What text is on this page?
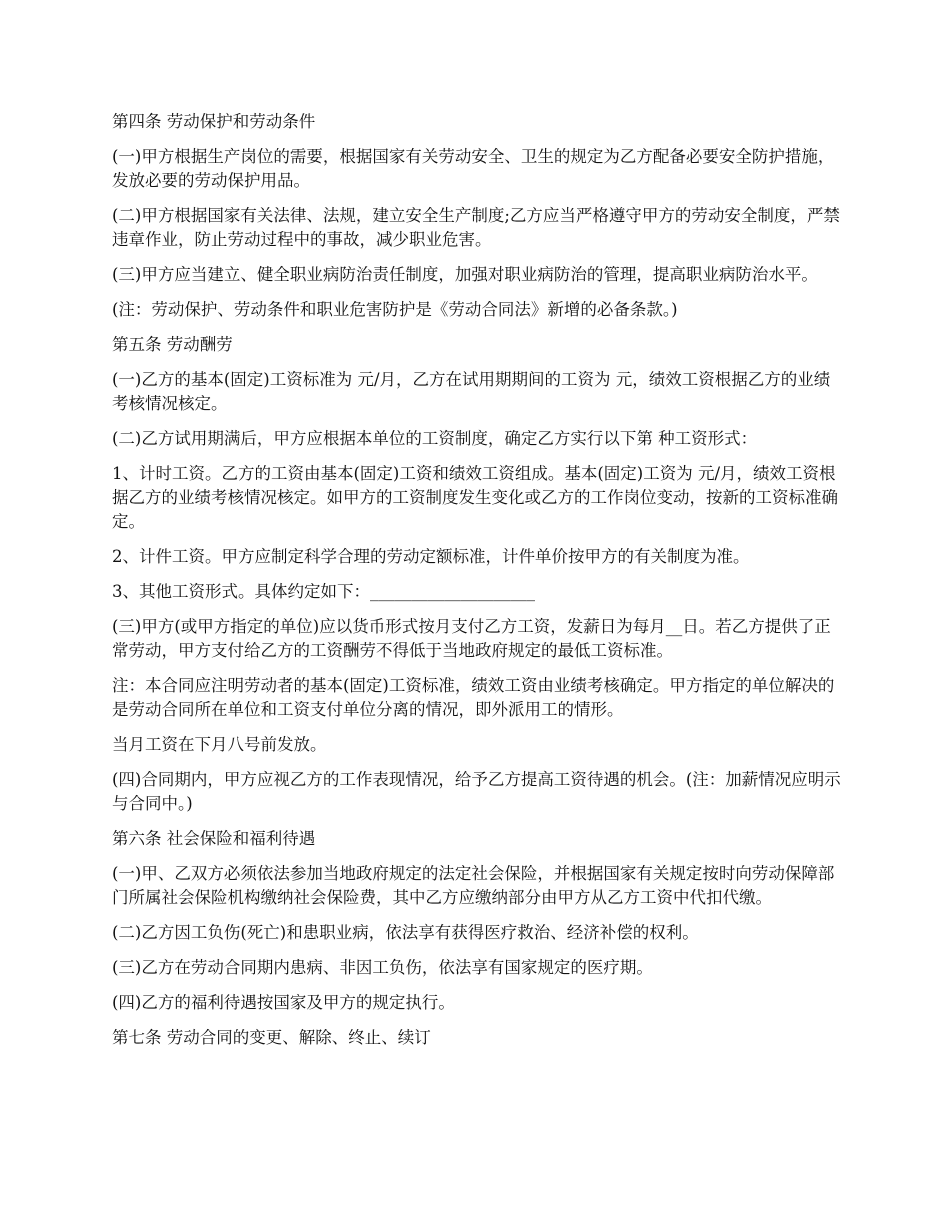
第四条 劳动保护和劳动条件

(一)甲方根据生产岗位的需要，根据国家有关劳动安全、卫生的规定为乙方配备必要安全防护措施，发放必要的劳动保护用品。

(二)甲方根据国家有关法律、法规，建立安全生产制度;乙方应当严格遵守甲方的劳动安全制度，严禁违章作业，防止劳动过程中的事故，减少职业危害。

(三)甲方应当建立、健全职业病防治责任制度，加强对职业病防治的管理，提高职业病防治水平。

(注：劳动保护、劳动条件和职业危害防护是《劳动合同法》新增的必备条款。)

第五条 劳动酬劳

(一)乙方的基本(固定)工资标准为 元/月，乙方在试用期期间的工资为 元，绩效工资根据乙方的业绩考核情况核定。

(二)乙方试用期满后，甲方应根据本单位的工资制度，确定乙方实行以下第 种工资形式：

1、计时工资。乙方的工资由基本(固定)工资和绩效工资组成。基本(固定)工资为 元/月，绩效工资根据乙方的业绩考核情况核定。如甲方的工资制度发生变化或乙方的工作岗位变动，按新的工资标准确定。

2、计件工资。甲方应制定科学合理的劳动定额标准，计件单价按甲方的有关制度为准。

3、其他工资形式。具体约定如下：____________________

(三)甲方(或甲方指定的单位)应以货币形式按月支付乙方工资，发薪日为每月__日。若乙方提供了正常劳动，甲方支付给乙方的工资酬劳不得低于当地政府规定的最低工资标准。

注：本合同应注明劳动者的基本(固定)工资标准，绩效工资由业绩考核确定。甲方指定的单位解决的是劳动合同所在单位和工资支付单位分离的情况，即外派用工的情形。

当月工资在下月八号前发放。

(四)合同期内，甲方应视乙方的工作表现情况，给予乙方提高工资待遇的机会。(注：加薪情况应明示与合同中。)

第六条 社会保险和福利待遇

(一)甲、乙双方必须依法参加当地政府规定的法定社会保险，并根据国家有关规定按时向劳动保障部门所属社会保险机构缴纳社会保险费，其中乙方应缴纳部分由甲方从乙方工资中代扣代缴。

(二)乙方因工负伤(死亡)和患职业病，依法享有获得医疗救治、经济补偿的权利。

(三)乙方在劳动合同期内患病、非因工负伤，依法享有国家规定的医疗期。

(四)乙方的福利待遇按国家及甲方的规定执行。

第七条 劳动合同的变更、解除、终止、续订
